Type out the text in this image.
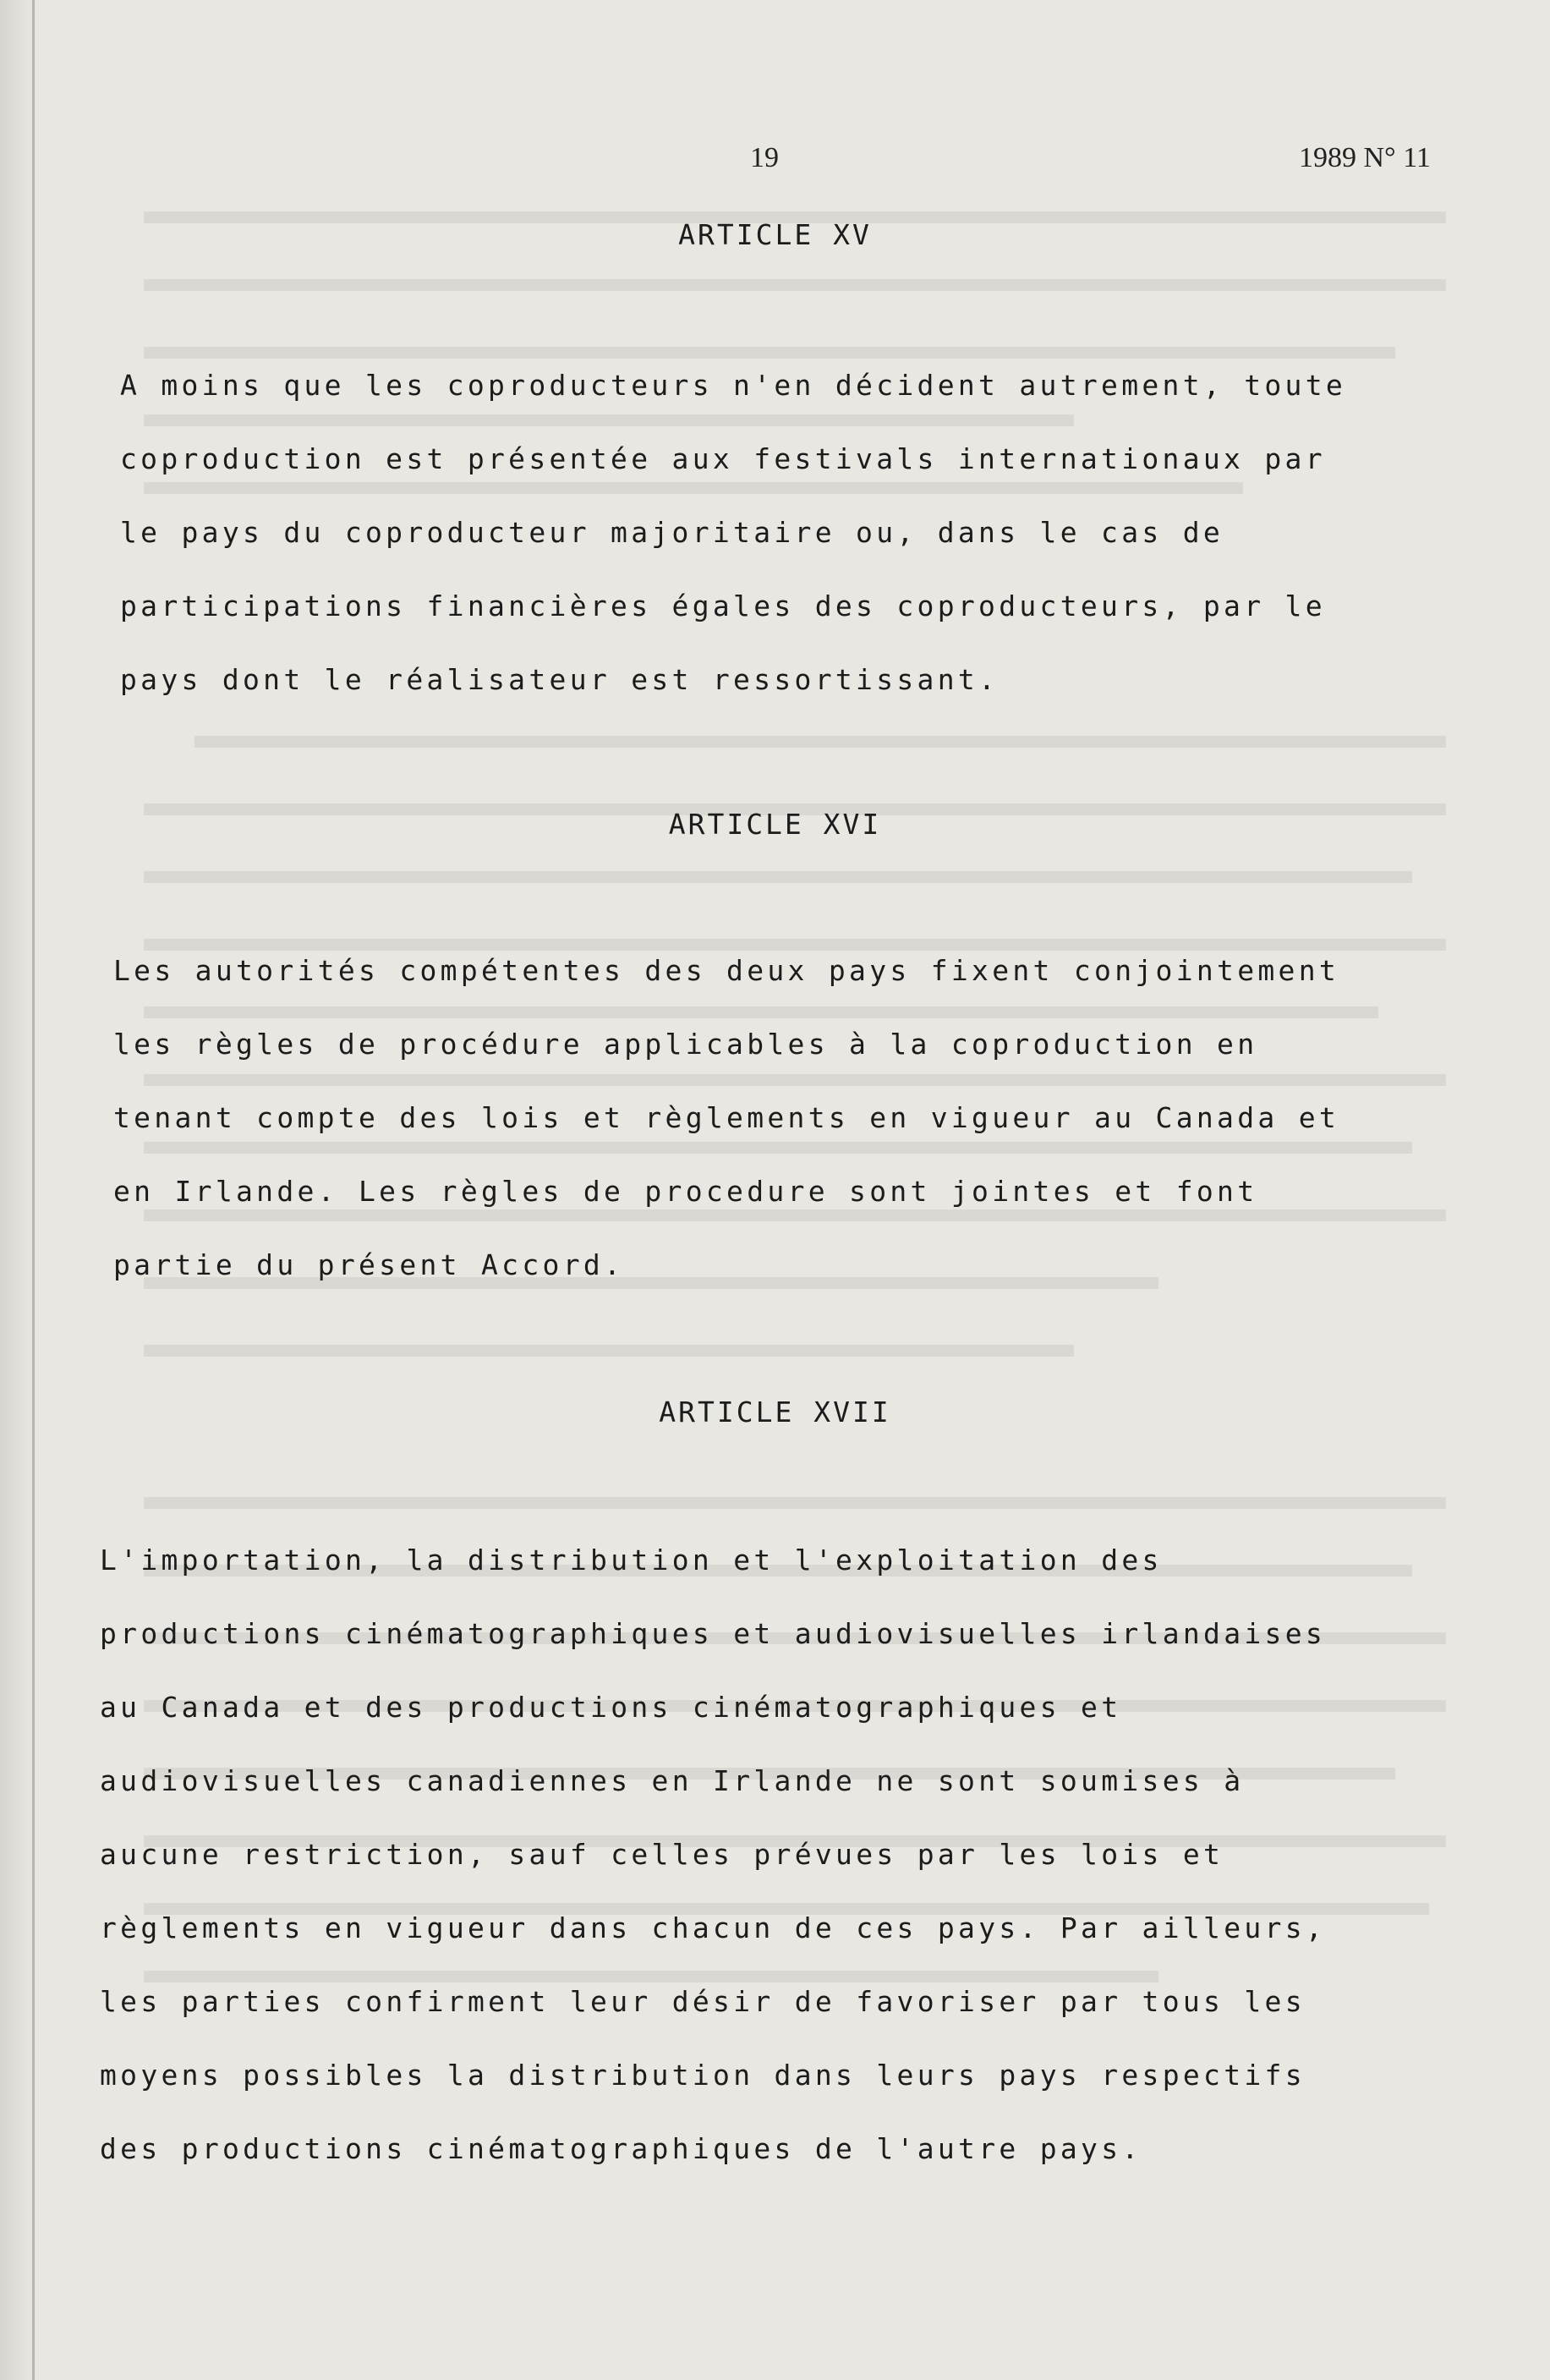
19	1989 N° 11
ARTICLE XV
A moins que les coproducteurs n'en décident autrement, toute
coproduction est présentée aux festivals internationaux par
le pays du coproducteur majoritaire ou, dans le cas de
participations financières égales des coproducteurs, par le
pays dont le réalisateur est ressortissant.
ARTICLE XVI
Les autorités compétentes des deux pays fixent conjointement
les règles de procédure applicables à la coproduction en
tenant compte des lois et règlements en vigueur au Canada et
en Irlande. Les règles de procedure sont jointes et font
partie du présent Accord.
ARTICLE XVII
L'importation, la distribution et l'exploitation des
productions cinématographiques et audiovisuelles irlandaises
au Canada et des productions cinématographiques et
audiovisuelles canadiennes en Irlande ne sont soumises à
aucune restriction, sauf celles prévues par les lois et
règlements en vigueur dans chacun de ces pays. Par ailleurs,
les parties confirment leur désir de favoriser par tous les
moyens possibles la distribution dans leurs pays respectifs
des productions cinématographiques de l'autre pays.
